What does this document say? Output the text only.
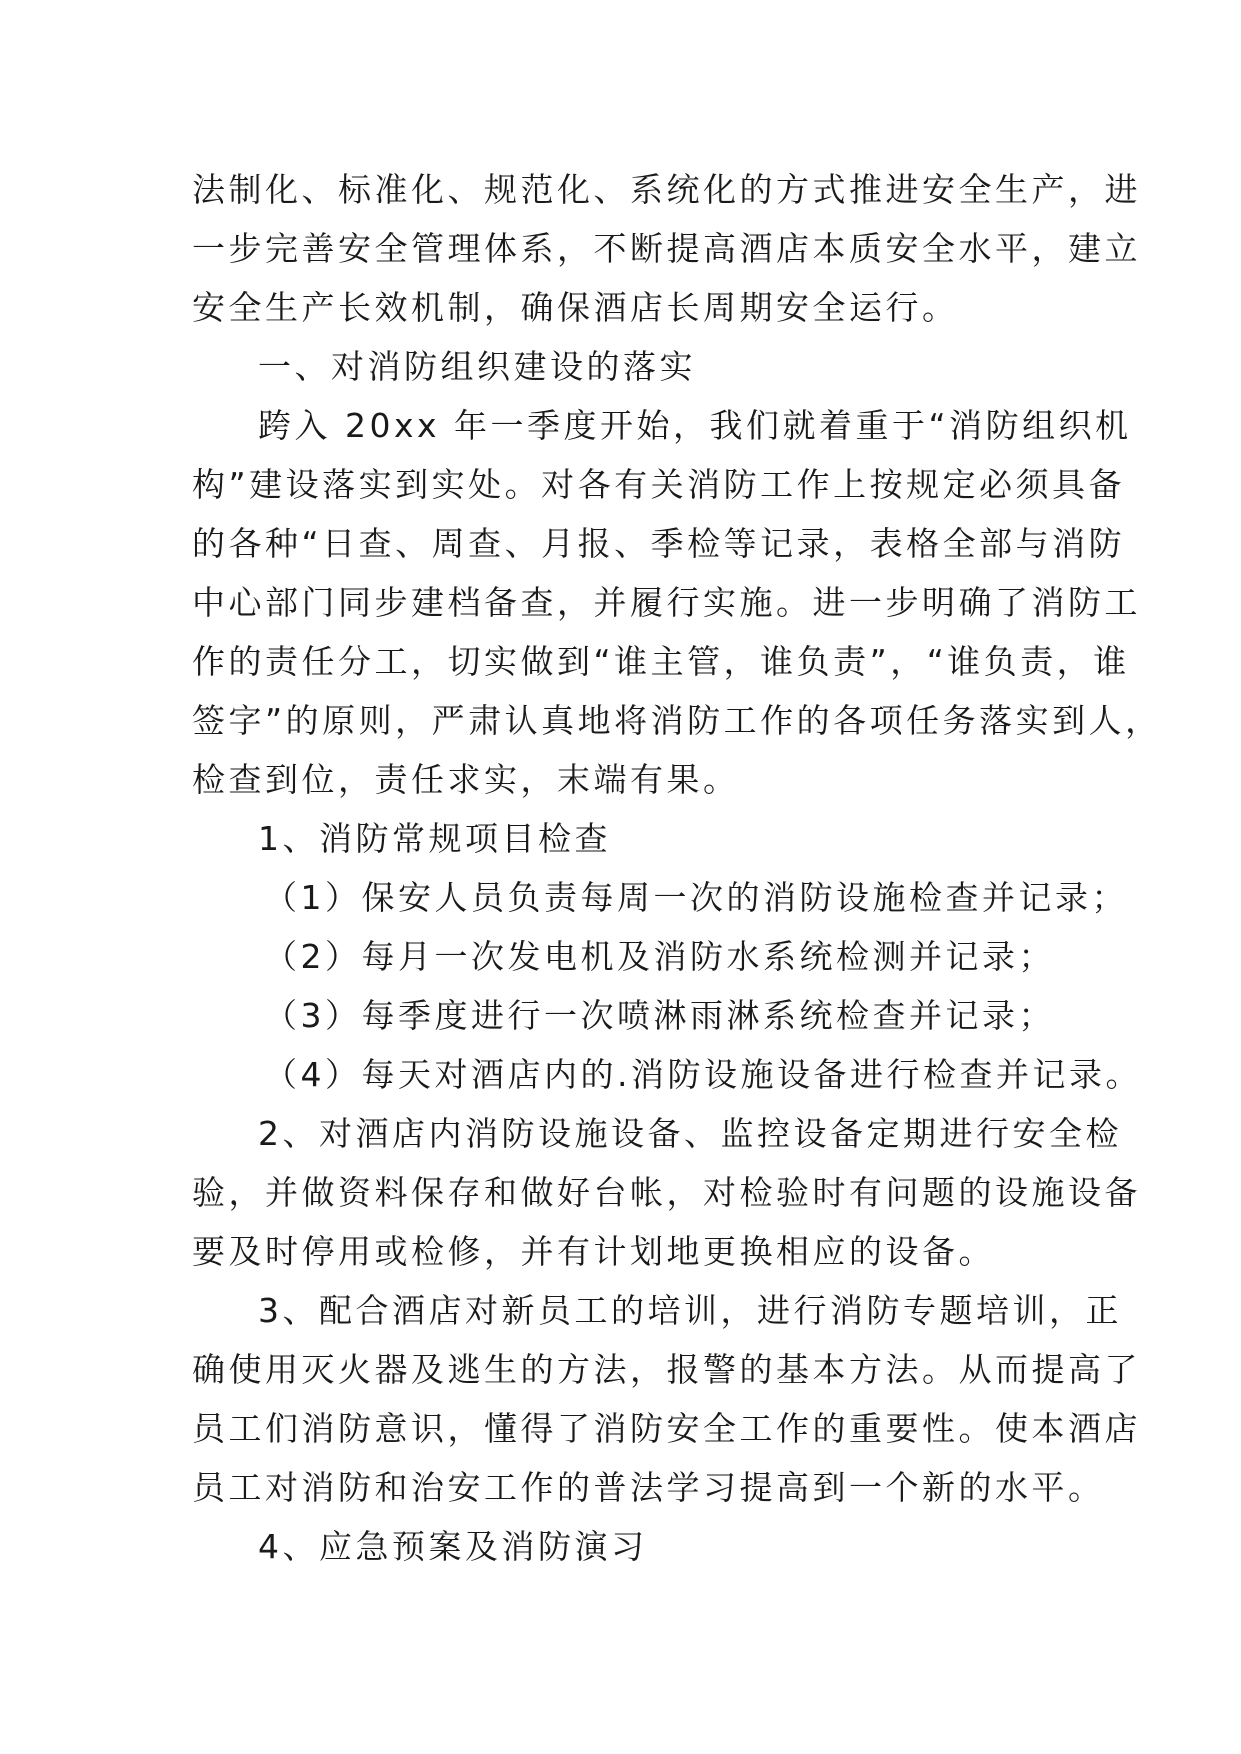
法制化、标准化、规范化、系统化的方式推进安全生产，进
一步完善安全管理体系，不断提高酒店本质安全水平，建立
安全生产长效机制，确保酒店长周期安全运行。
一、对消防组织建设的落实
跨入 20xx 年一季度开始，我们就着重于“消防组织机
构”建设落实到实处。对各有关消防工作上按规定必须具备
的各种“日查、周查、月报、季检等记录，表格全部与消防
中心部门同步建档备查，并履行实施。进一步明确了消防工
作的责任分工，切实做到“谁主管，谁负责”，“谁负责，谁
签字”的原则，严肃认真地将消防工作的各项任务落实到人，
检查到位，责任求实，末端有果。
1、消防常规项目检查
（1）保安人员负责每周一次的消防设施检查并记录；
（2）每月一次发电机及消防水系统检测并记录；
（3）每季度进行一次喷淋雨淋系统检查并记录；
（4）每天对酒店内的.消防设施设备进行检查并记录。
2、对酒店内消防设施设备、监控设备定期进行安全检
验，并做资料保存和做好台帐，对检验时有问题的设施设备
要及时停用或检修，并有计划地更换相应的设备。
3、配合酒店对新员工的培训，进行消防专题培训，正
确使用灭火器及逃生的方法，报警的基本方法。从而提高了
员工们消防意识，懂得了消防安全工作的重要性。使本酒店
员工对消防和治安工作的普法学习提高到一个新的水平。
4、应急预案及消防演习
